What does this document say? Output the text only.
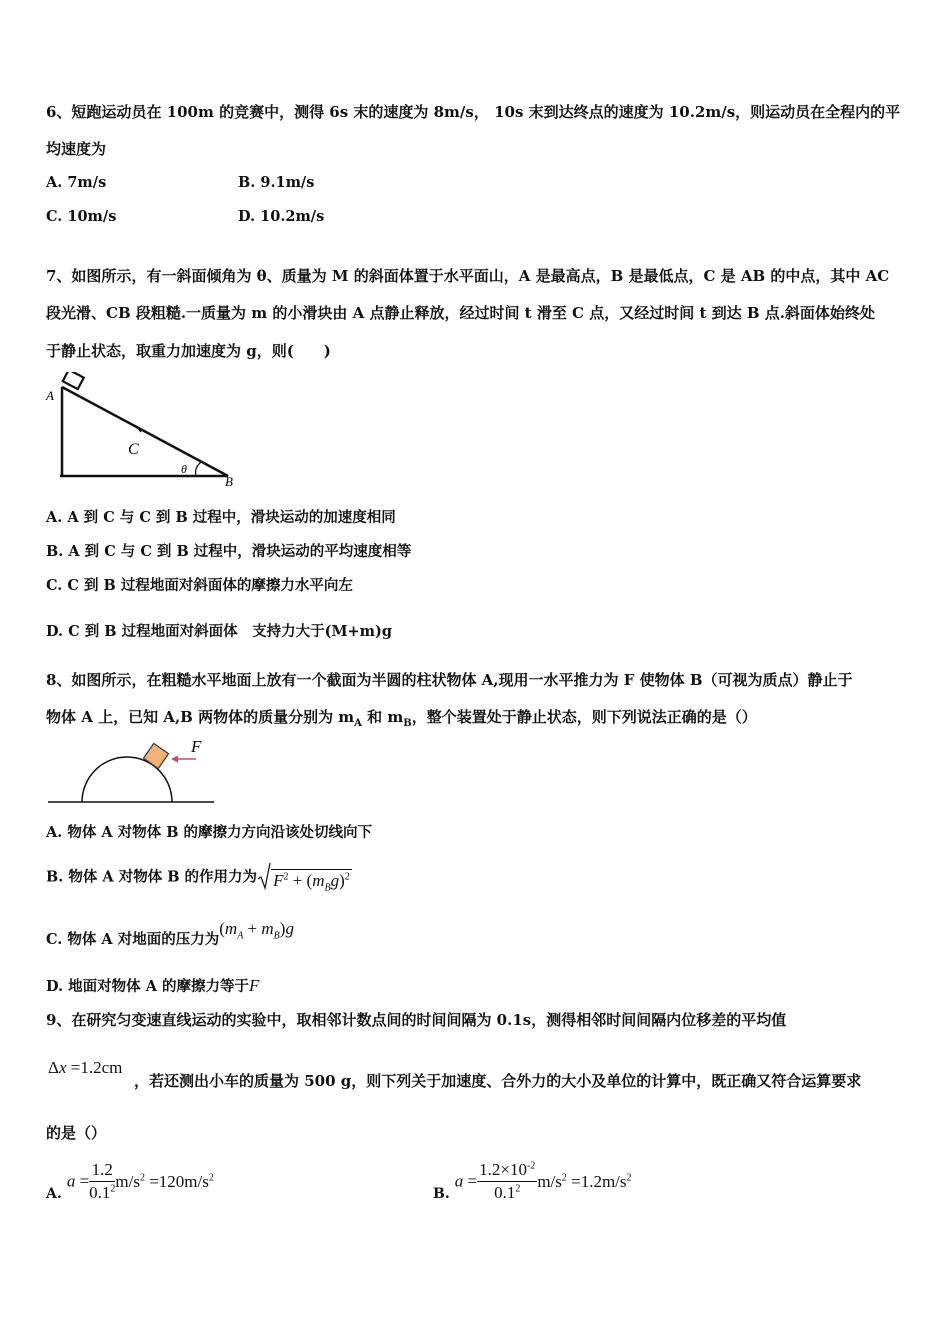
6、短跑运动员在 100m 的竞赛中，测得 6s 末的速度为 8m/s， 10s 末到达终点的速度为 10.2m/s，则运动员在全程内的平
均速度为
A. 7m/s	B. 9.1m/s
C. 10m/s	D. 10.2m/s
7、如图所示，有一斜面倾角为 θ、质量为 M 的斜面体置于水平面山，A 是最高点，B 是最低点，C 是 AB 的中点，其中 AC
段光滑、CB 段粗糙.一质量为 m 的小滑块由 A 点静止释放，经过时间 t 滑至 C 点，又经过时间 t 到达 B 点.斜面体始终处
于静止状态，取重力加速度为 g，则(　　)
A
C
θ
B
A. A 到 C 与 C 到 B 过程中，滑块运动的加速度相同
B. A 到 C 与 C 到 B 过程中，滑块运动的平均速度相等
C. C 到 B 过程地面对斜面体的摩擦力水平向左
D. C 到 B 过程地面对斜面体　支持力大于(M+m)g
8、如图所示，在粗糙水平地面上放有一个截面为半圆的柱状物体 A,现用一水平推力为 F 使物体 B（可视为质点）静止于
物体 A 上，已知 A,B 两物体的质量分别为 $m_A$ 和 $m_B$，整个装置处于静止状态，则下列说法正确的是（）
F
A. 物体 A 对物体 B 的摩擦力方向沿该处切线向下
B. 物体 A 对物体 B 的作用力为 $F^2 + (m_Bg)^2$
C. 物体 A 对地面的压力为$(m_A + m_B)g$
D. 地面对物体 A 的摩擦力等于F
9、在研究匀变速直线运动的实验中，取相邻计数点间的时间间隔为 0.1s，测得相邻时间间隔内位移差的平均值
Δx =1.2cm
，若还测出小车的质量为 500 g，则下列关于加速度、合外力的大小及单位的计算中，既正确又符合运算要求
的是（）
A. $a = \frac{1.2}{0.1^2} m/s^2 =120m/s^2$
B. $a = \frac{1.2\times 10^{-2}}{0.1^2} m/s^2 =1.2m/s^2$
